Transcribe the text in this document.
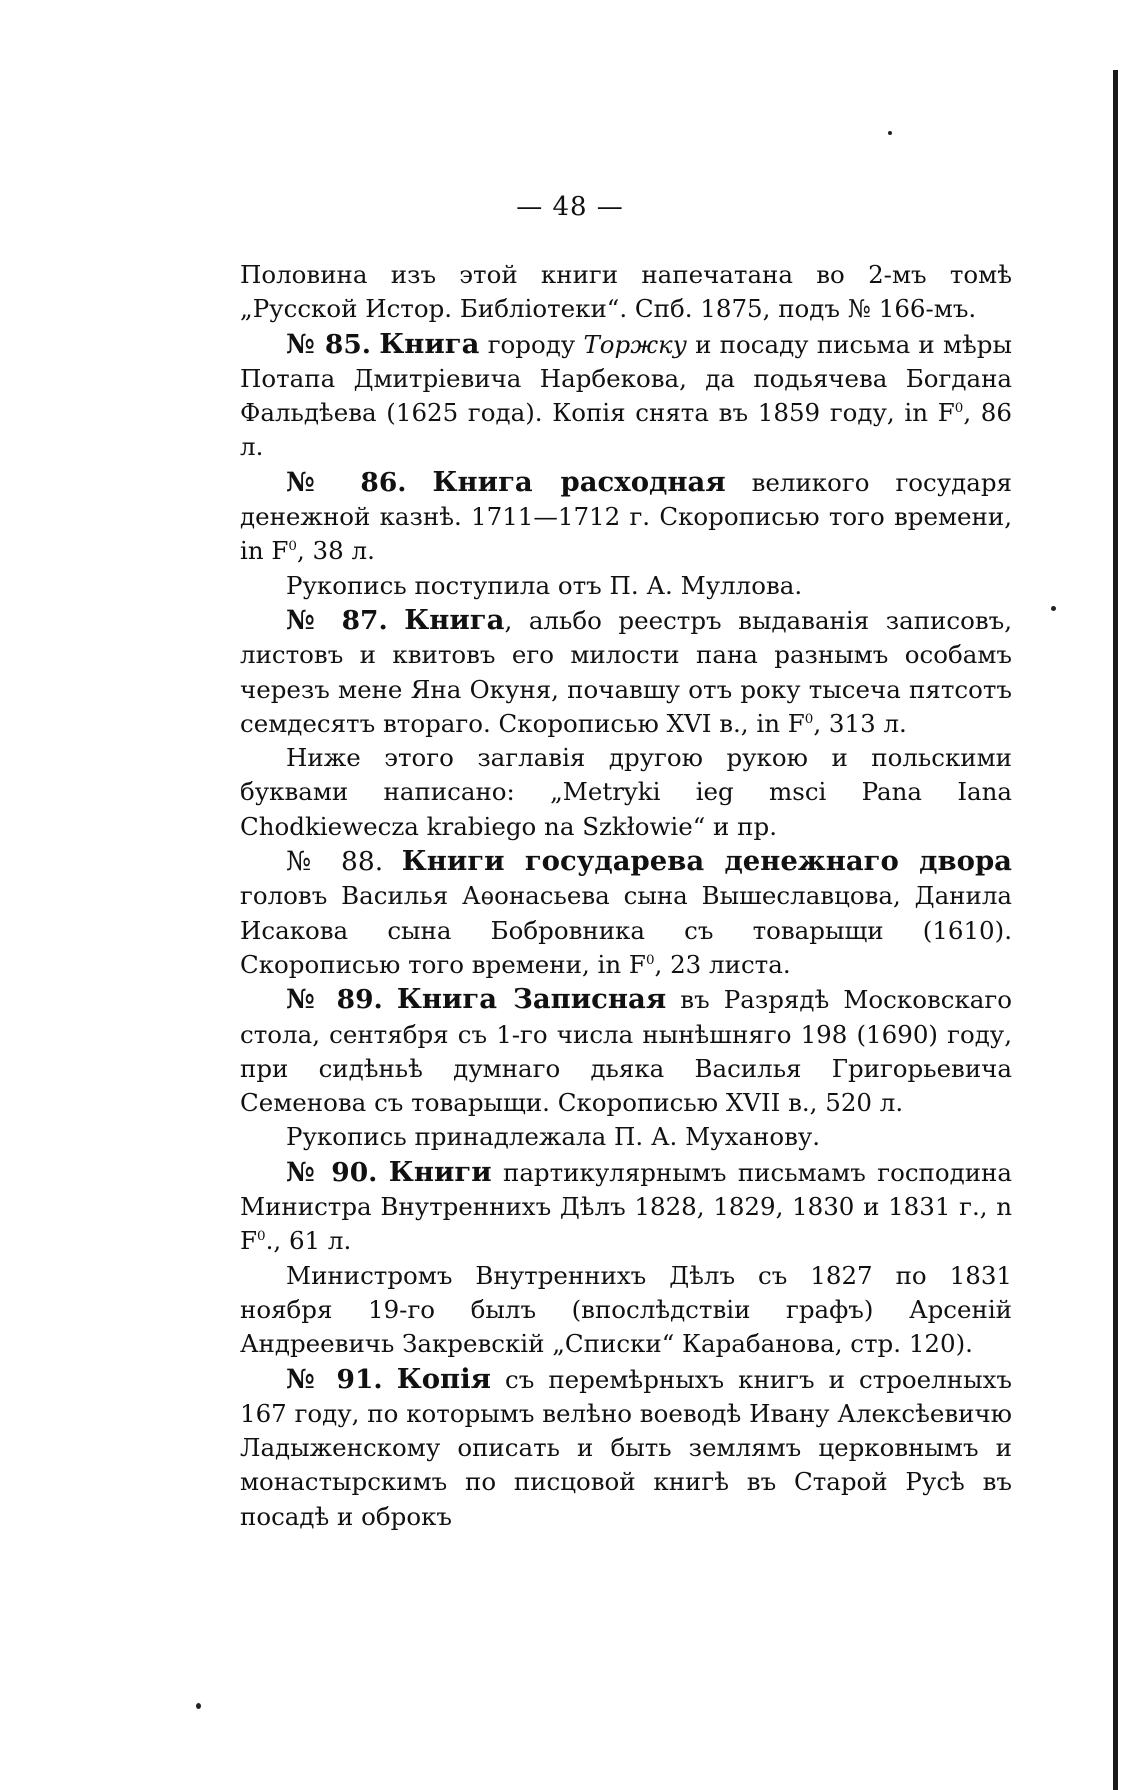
— 48 —

Половина изъ этой книги напечатана во 2-мъ томѣ „Русской Истор. Библіотеки“. Спб. 1875, подъ № 166-мъ.

№ 85. Книга городу Торжку и посаду письма и мѣры Потапа Дмитріевича Нарбекова, да подьячева Богдана Фальдѣева (1625 года). Копія снята въ 1859 году, in $F^0$, 86 л.

№ 86. Книга расходная великого государя денежной казнѣ. 1711—1712 г. Скорописью того времени, in $F^0$, 38 л.

Рукопись поступила отъ П. А. Муллова.

№ 87. Книга, альбо реестръ выдаванія записовъ, листовъ и квитовъ его милости пана разнымъ особамъ черезъ мене Яна Окуня, почавшу отъ року тысеча пятсотъ семдесятъ втораго. Скорописью XVI в., in $F^0$, 313 л.

Ниже этого заглавія другою рукою и польскими буквами написано: „Metryki ieg msci Pana Iana Chodkiewecza krabiego na Szkłowie“ и пр.

№ 88. Книги государева денежнаго двора головъ Василья Аѳонасьева сына Вышеславцова, Данила Исакова сына Бобровника съ товарыщи (1610). Скорописью того времени, in $F^0$, 23 листа.

№ 89. Книга Записная въ Разрядѣ Московскаго стола, сентября съ 1-го числа нынѣшняго 198 (1690) году, при сидѣньѣ думнаго дьяка Василья Григорьевича Семенова съ товарыщи. Скорописью XVII в., 520 л.

Рукопись принадлежала П. А. Муханову.

№ 90. Книги партикулярнымъ письмамъ господина Министра Внутреннихъ Дѣлъ 1828, 1829, 1830 и 1831 г., n $F^0$., 61 л.

Министромъ Внутреннихъ Дѣлъ съ 1827 по 1831 ноября 19-го былъ (впослѣдствіи графъ) Арсеній Андреевичь Закревскій „Списки“ Карабанова, стр. 120).

№ 91. Копія съ перемѣрныхъ книгъ и строелныхъ 167 году, по которымъ велѣно воеводѣ Ивану Алексѣевичю Ладыженскому описать и быть землямъ церковнымъ и монастырскимъ по писцовой книгѣ въ Старой Русѣ въ посадѣ и оброкъ
